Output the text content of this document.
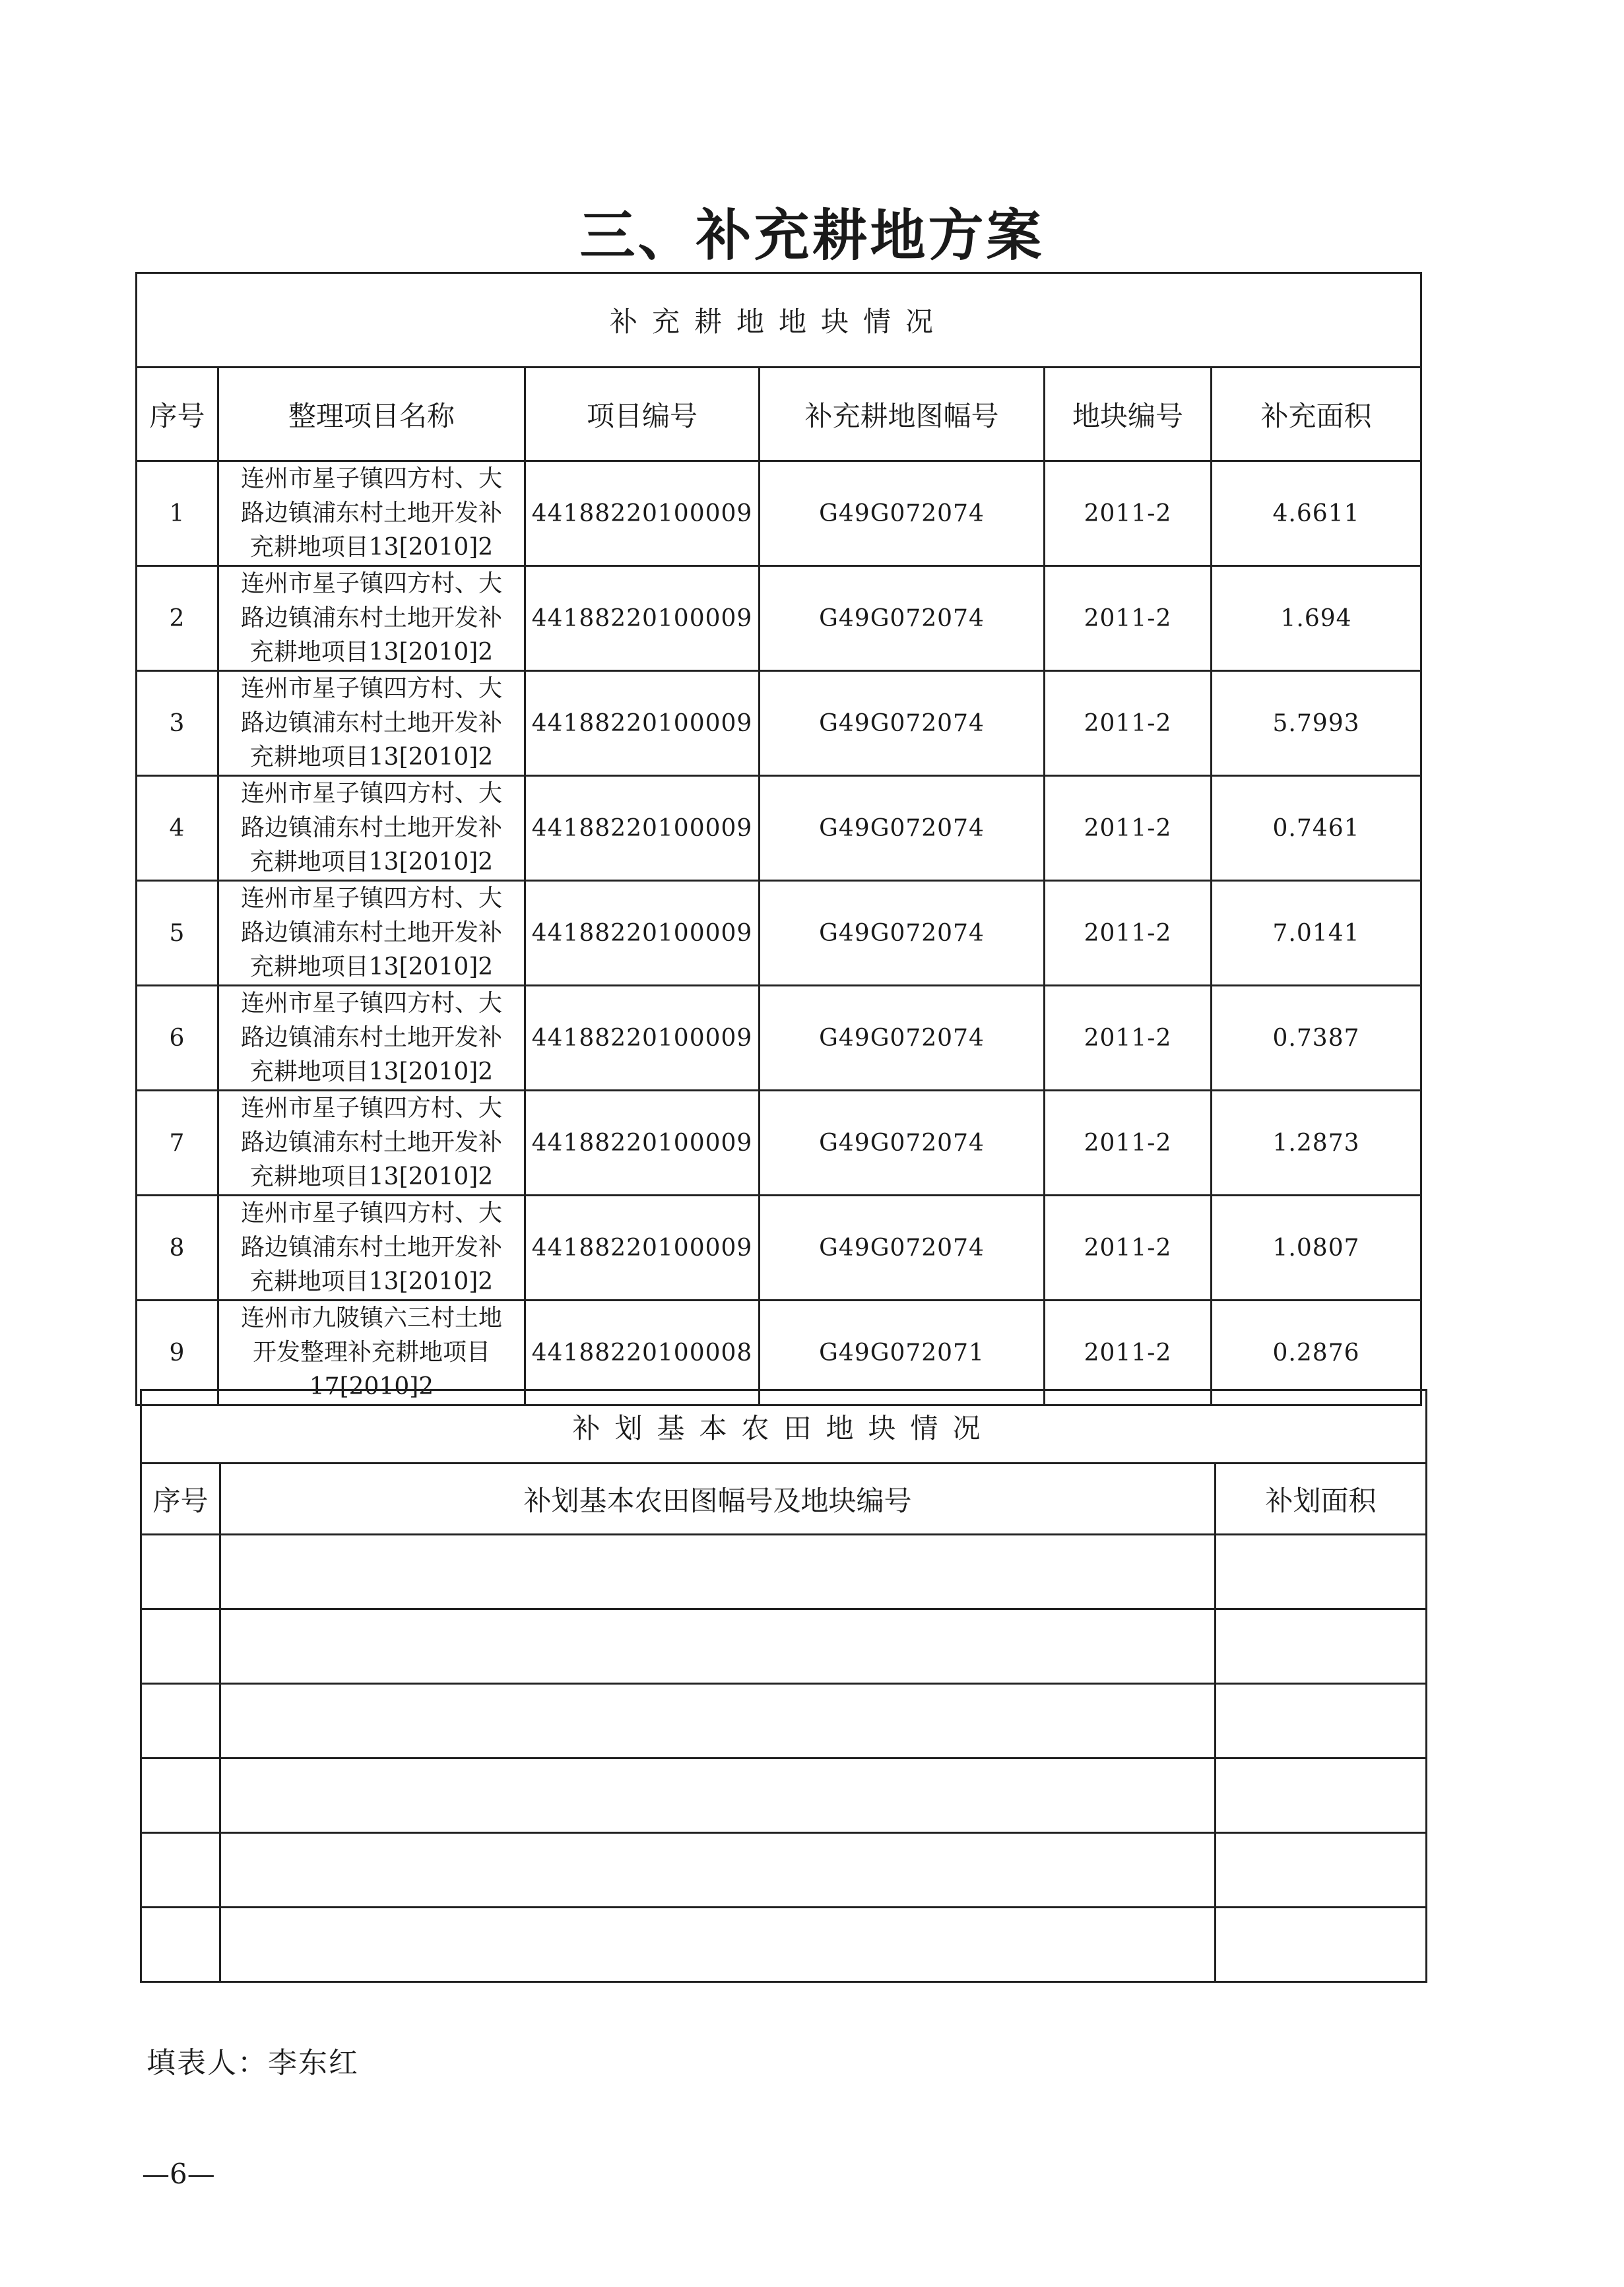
三、补充耕地方案
补充耕地地块情况					
序号	整理项目名称	项目编号	补充耕地图幅号	地块编号	补充面积
1	连州市星子镇四方村、大
路边镇浦东村土地开发补
充耕地项目13[2010]2	44188220100009	G49G072074	2011-2	4.6611
2	连州市星子镇四方村、大
路边镇浦东村土地开发补
充耕地项目13[2010]2	44188220100009	G49G072074	2011-2	1.694
3	连州市星子镇四方村、大
路边镇浦东村土地开发补
充耕地项目13[2010]2	44188220100009	G49G072074	2011-2	5.7993
4	连州市星子镇四方村、大
路边镇浦东村土地开发补
充耕地项目13[2010]2	44188220100009	G49G072074	2011-2	0.7461
5	连州市星子镇四方村、大
路边镇浦东村土地开发补
充耕地项目13[2010]2	44188220100009	G49G072074	2011-2	7.0141
6	连州市星子镇四方村、大
路边镇浦东村土地开发补
充耕地项目13[2010]2	44188220100009	G49G072074	2011-2	0.7387
7	连州市星子镇四方村、大
路边镇浦东村土地开发补
充耕地项目13[2010]2	44188220100009	G49G072074	2011-2	1.2873
8	连州市星子镇四方村、大
路边镇浦东村土地开发补
充耕地项目13[2010]2	44188220100009	G49G072074	2011-2	1.0807
9	连州市九陂镇六三村土地
开发整理补充耕地项目
17[2010]2	44188220100008	G49G072071	2011-2	0.2876
补划基本农田地块情况		
序号	补划基本农田图幅号及地块编号	补划面积

填表人：李东红
—6—
